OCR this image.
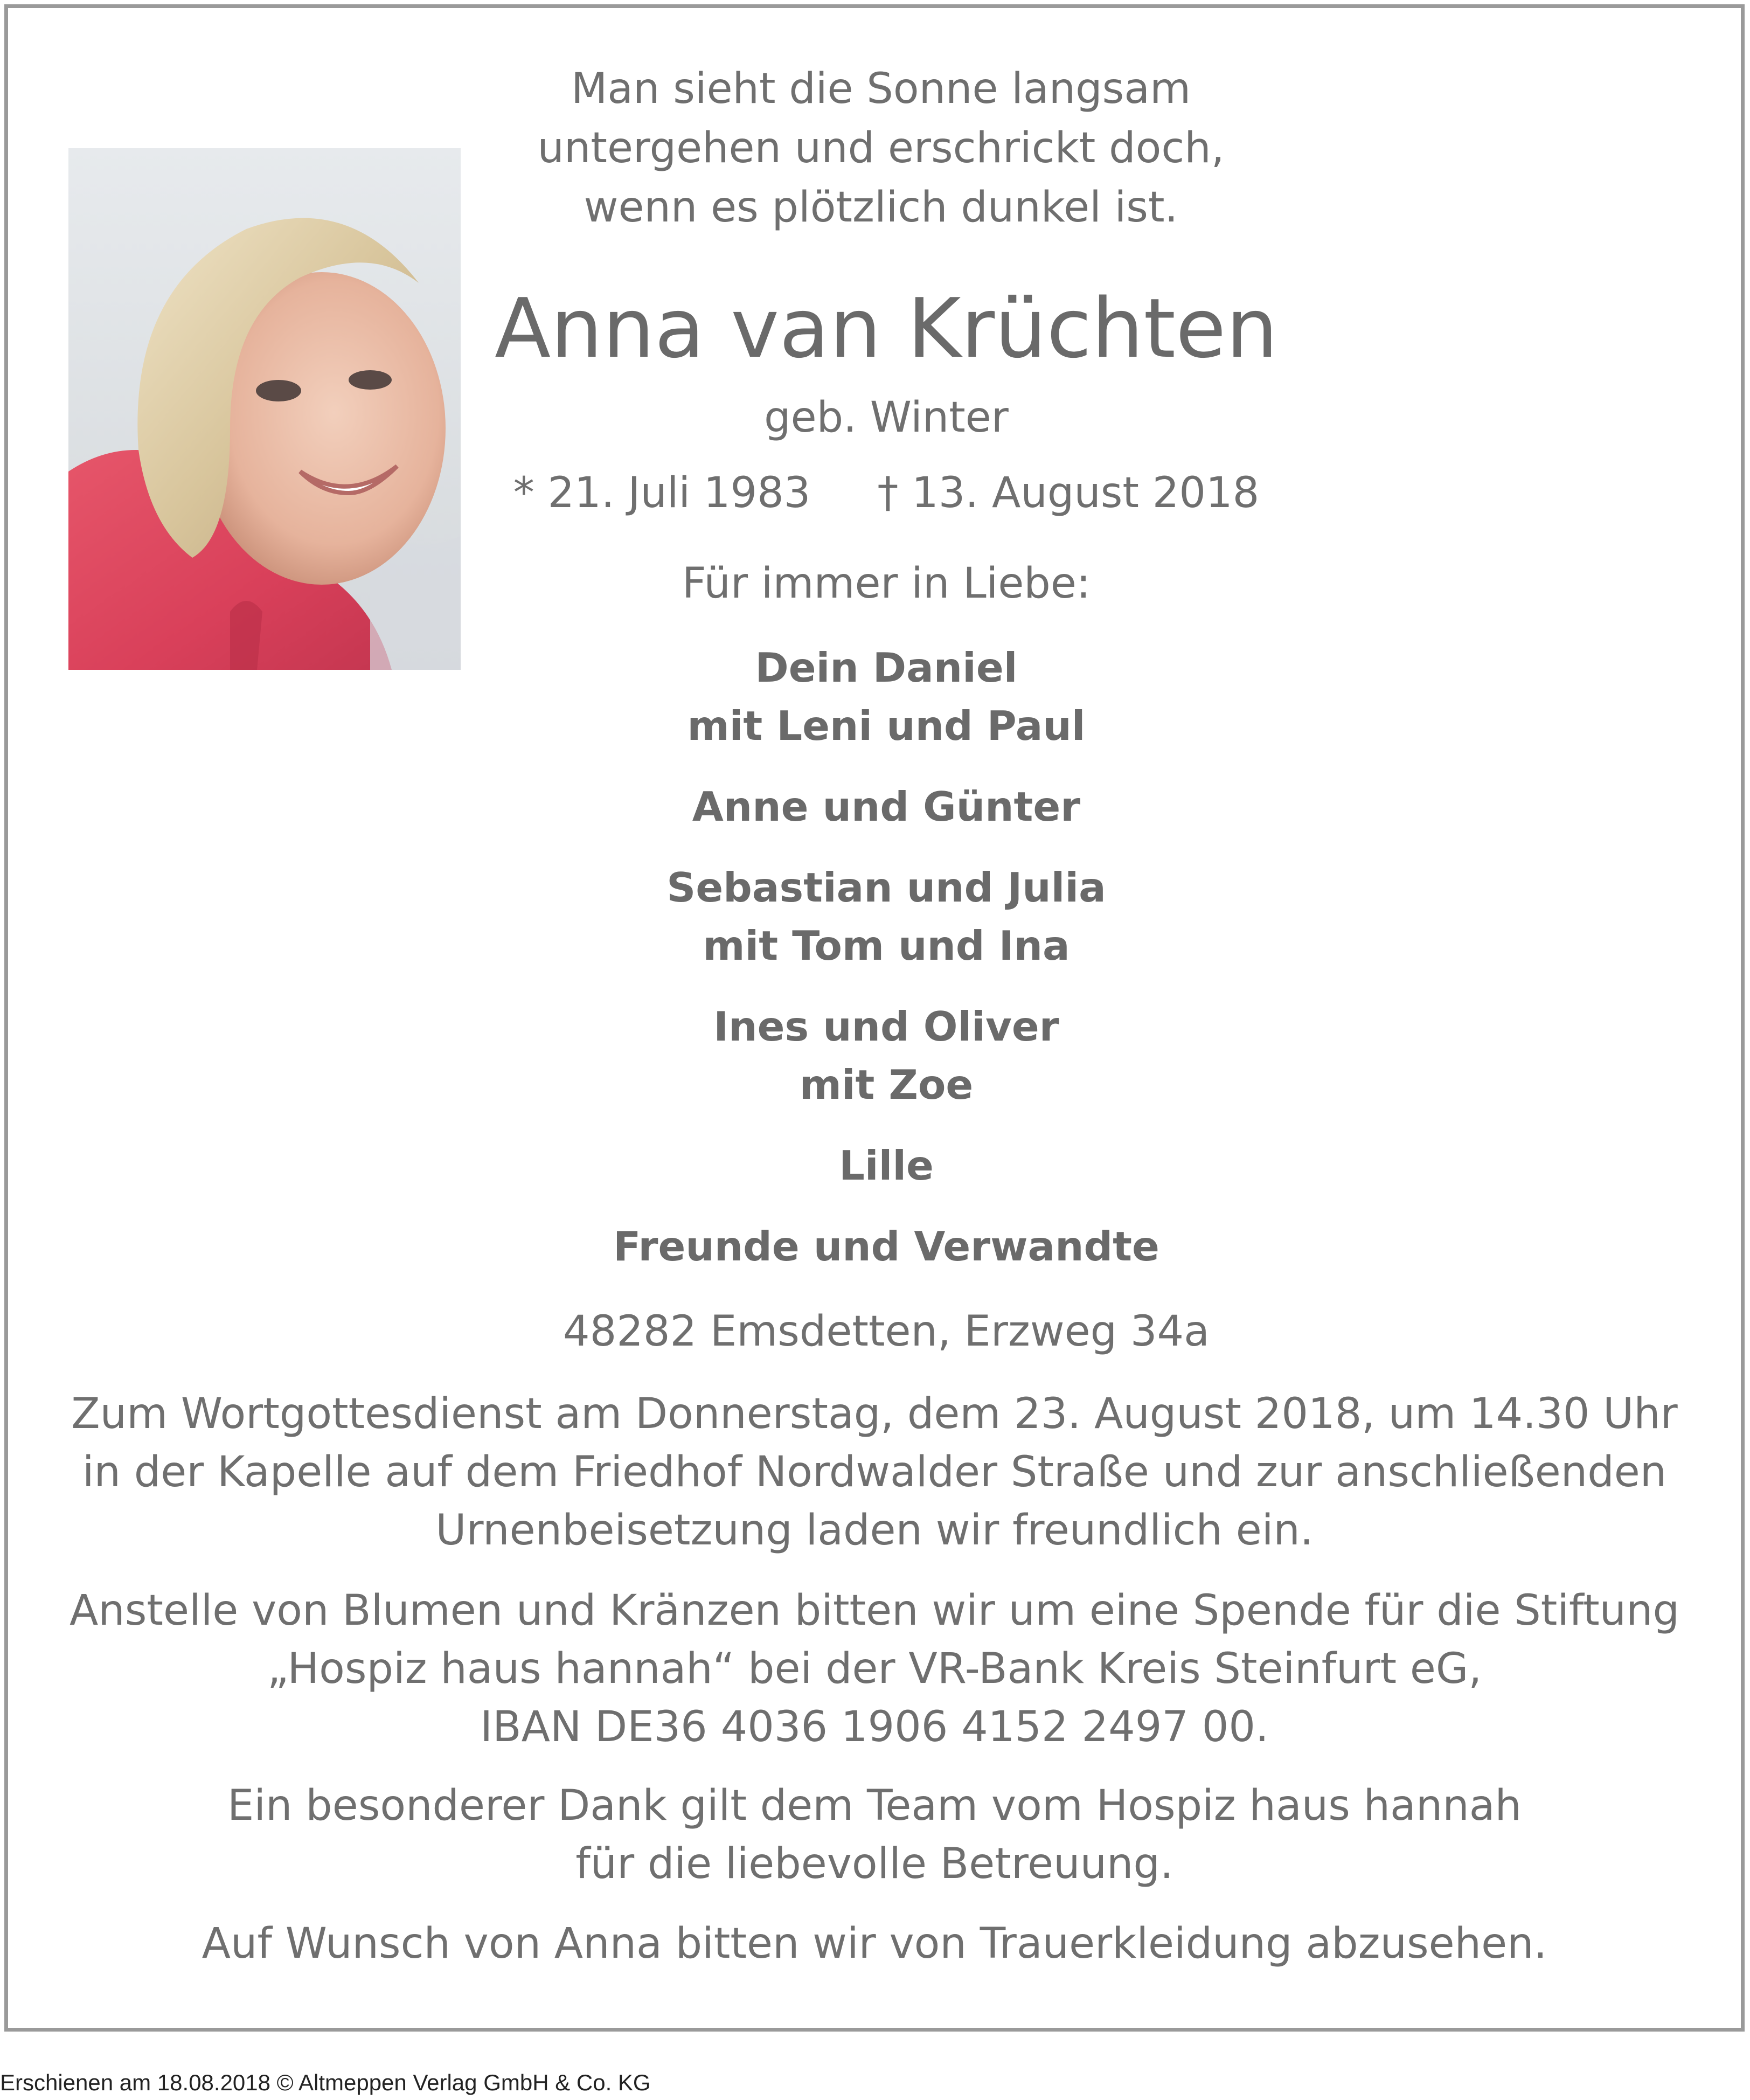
Man sieht die Sonne langsam
untergehen und erschrickt doch,
wenn es plötzlich dunkel ist.
Anna van Krüchten
geb. Winter
* 21. Juli 1983 † 13. August 2018
Für immer in Liebe:
Dein Daniel
mit Leni und Paul
Anne und Günter
Sebastian und Julia
mit Tom und Ina
Ines und Oliver
mit Zoe
Lille
Freunde und Verwandte
48282 Emsdetten, Erzweg 34a
Zum Wortgottesdienst am Donnerstag, dem 23. August 2018, um 14.30 Uhr
in der Kapelle auf dem Friedhof Nordwalder Straße und zur anschließenden
Urnenbeisetzung laden wir freundlich ein.
Anstelle von Blumen und Kränzen bitten wir um eine Spende für die Stiftung
„Hospiz haus hannah“ bei der VR-Bank Kreis Steinfurt eG,
IBAN DE36 4036 1906 4152 2497 00.
Ein besonderer Dank gilt dem Team vom Hospiz haus hannah
für die liebevolle Betreuung.
Auf Wunsch von Anna bitten wir von Trauerkleidung abzusehen.
Erschienen am 18.08.2018 © Altmeppen Verlag GmbH & Co. KG
